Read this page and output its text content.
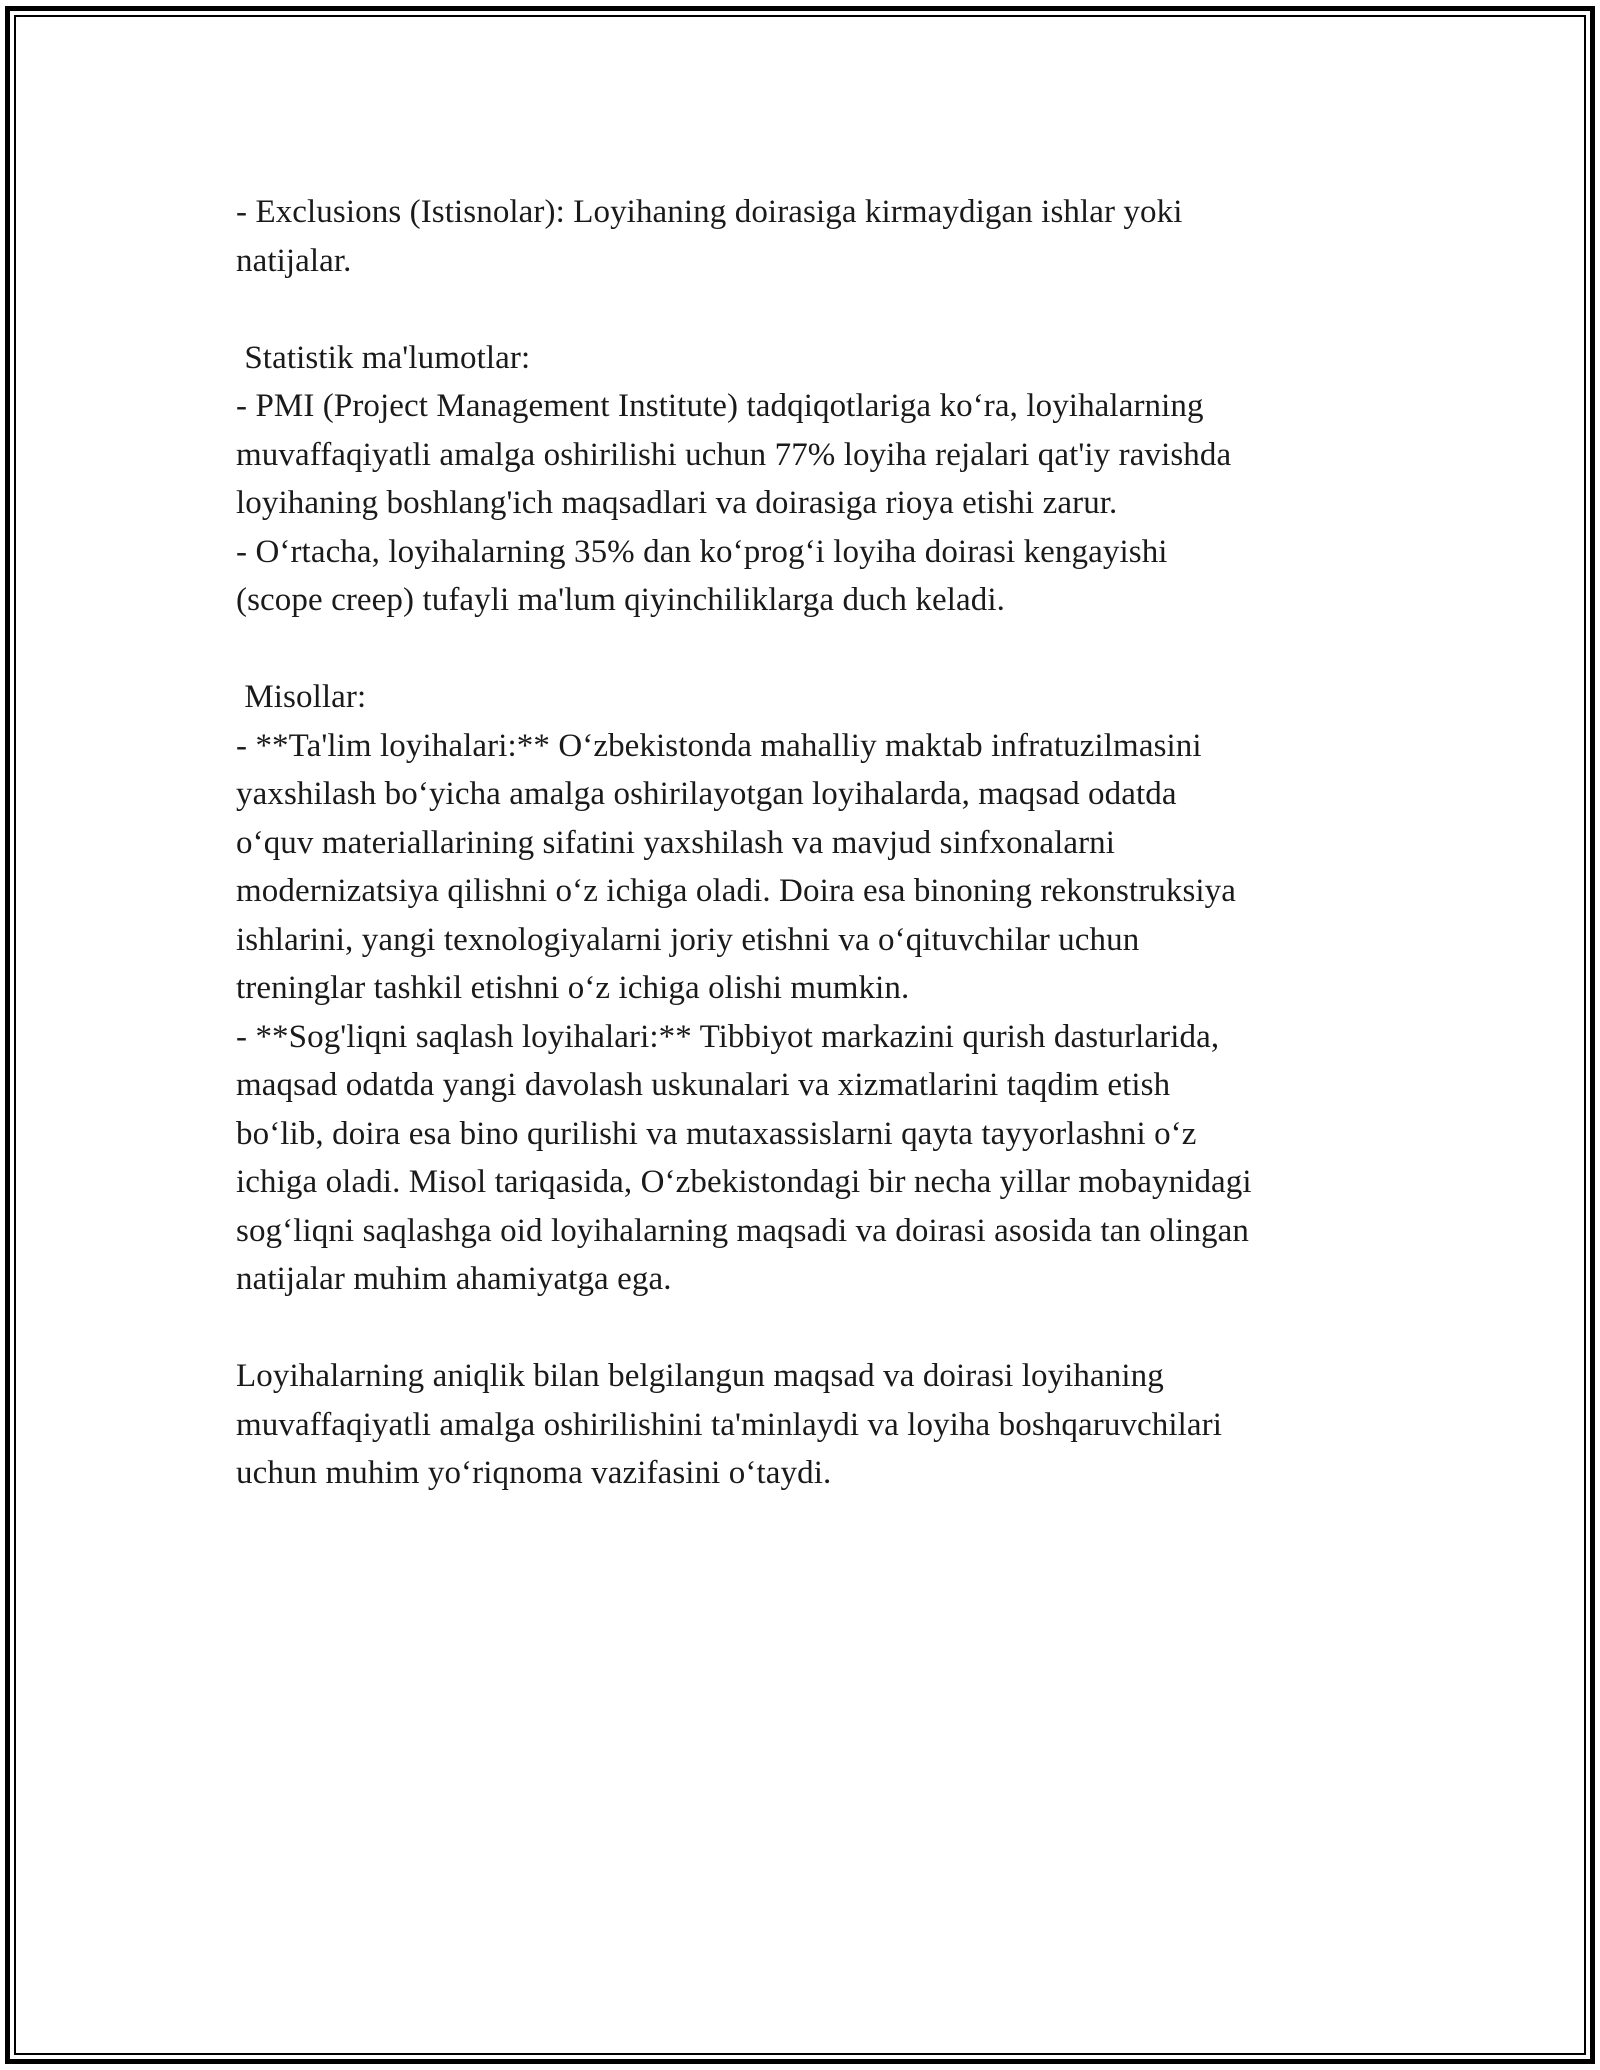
- Exclusions (Istisnolar): Loyihaning doirasiga kirmaydigan ishlar yoki
natijalar.
Statistik ma'lumotlar:
- PMI (Project Management Institute) tadqiqotlariga ko‘ra, loyihalarning
muvaffaqiyatli amalga oshirilishi uchun 77% loyiha rejalari qat'iy ravishda
loyihaning boshlang'ich maqsadlari va doirasiga rioya etishi zarur.
- O‘rtacha, loyihalarning 35% dan ko‘prog‘i loyiha doirasi kengayishi
(scope creep) tufayli ma'lum qiyinchiliklarga duch keladi.
Misollar:
- **Ta'lim loyihalari:** O‘zbekistonda mahalliy maktab infratuzilmasini
yaxshilash bo‘yicha amalga oshirilayotgan loyihalarda, maqsad odatda
o‘quv materiallarining sifatini yaxshilash va mavjud sinfxonalarni
modernizatsiya qilishni o‘z ichiga oladi. Doira esa binoning rekonstruksiya
ishlarini, yangi texnologiyalarni joriy etishni va o‘qituvchilar uchun
treninglar tashkil etishni o‘z ichiga olishi mumkin.
- **Sog'liqni saqlash loyihalari:** Tibbiyot markazini qurish dasturlarida,
maqsad odatda yangi davolash uskunalari va xizmatlarini taqdim etish
bo‘lib, doira esa bino qurilishi va mutaxassislarni qayta tayyorlashni o‘z
ichiga oladi. Misol tariqasida, O‘zbekistondagi bir necha yillar mobaynidagi
sog‘liqni saqlashga oid loyihalarning maqsadi va doirasi asosida tan olingan
natijalar muhim ahamiyatga ega.
Loyihalarning aniqlik bilan belgilangun maqsad va doirasi loyihaning
muvaffaqiyatli amalga oshirilishini ta'minlaydi va loyiha boshqaruvchilari
uchun muhim yo‘riqnoma vazifasini o‘taydi.
